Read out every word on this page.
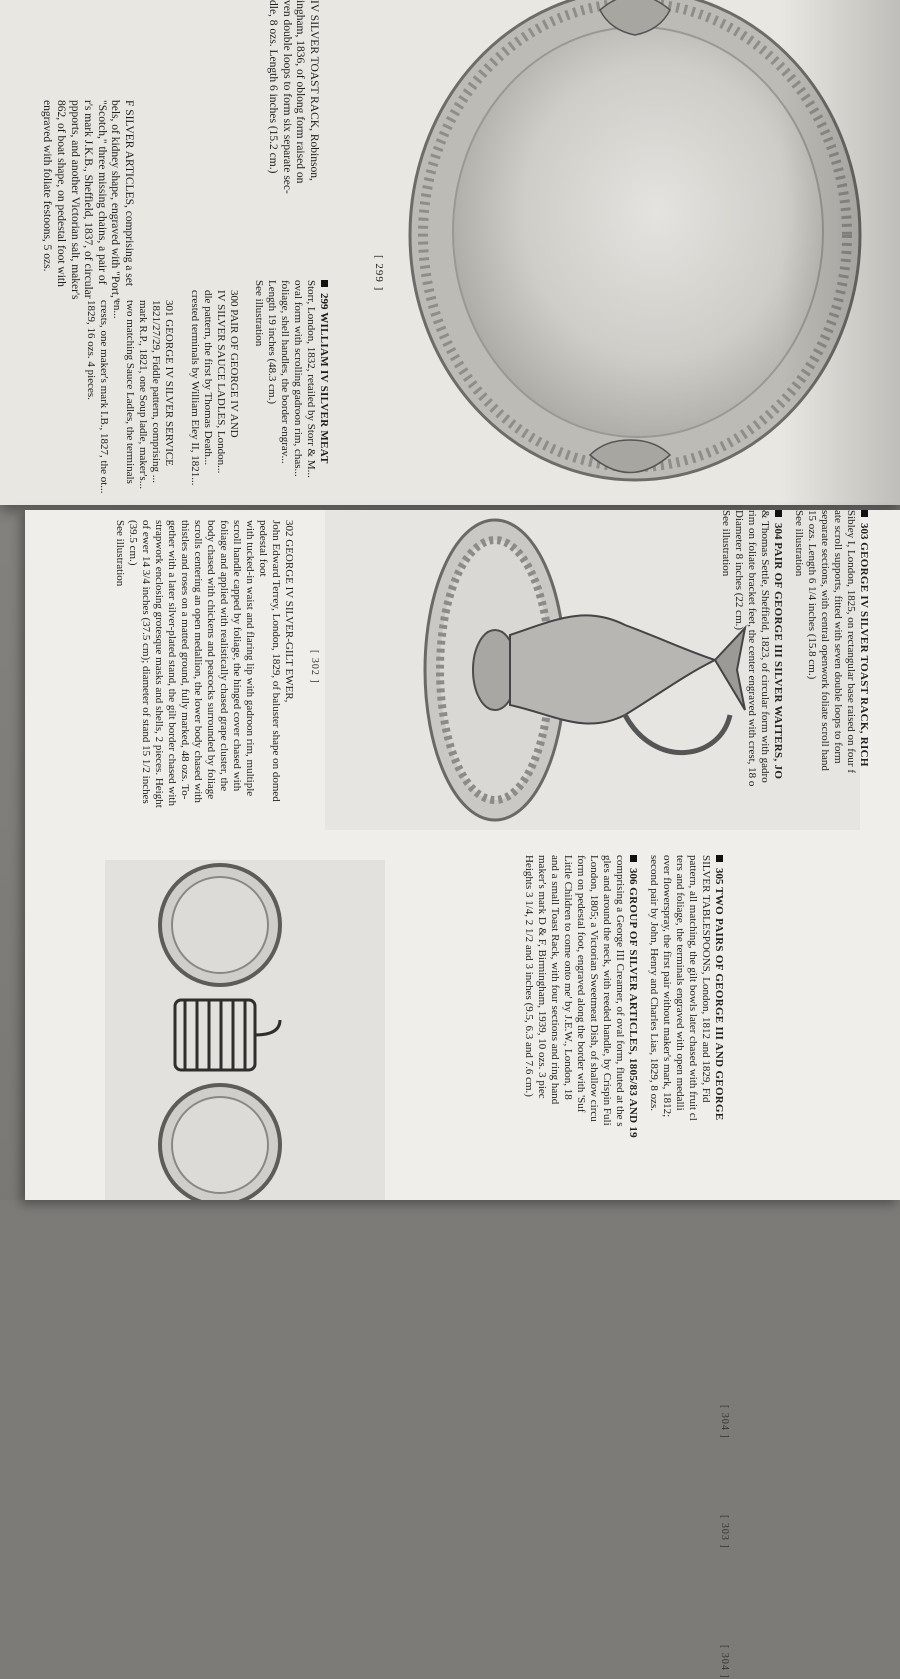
F SILVER ARTICLES, comprising a set
bels, of kidney shape, engraved with "Port,"
"Scotch," three missing chains, a pair of
r's mark J.K.B., Sheffield, 1837, of circular
ppports, and another Victorian salt, maker's
862, of boat shape, on pedestal foot with
engraved with foliate festoons, 5 ozs.
IV SILVER TOAST RACK, Robinson,
ingham, 1836, of oblong form raised on
ven double loops to form six separate sec-
dle, 8 ozs. Length 6 inches (15.2 cm.)
[ 299 ]
299 WILLIAM IV SILVER MEAT
Storr, London, 1832, retailed by Storr & M...
oval form with scrolling gadroon rim, chas...
foliage, shell handles, the border engrav...
Length 19 inches (48.3 cm.)
See illustration
300 PAIR OF GEORGE IV AND
IV SILVER SAUCE LADLES, London...
dle pattern, the first by Thomas Death...
crested terminals by William Eley II, 1821...
301 GEORGE IV SILVER SERVICE
1821/27/29, Fiddle pattern, comprising ...
mark R.P., 1821, one Soup ladle, maker's...
two matching Sauce Ladles, the terminals en...
crests, one maker's mark I.B., 1827, the ot...
1829, 16 ozs. 4 pieces.
[ 302 ]
302 GEORGE IV SILVER-GILT EWER,
John Edward Terrey, London, 1829, of baluster shape on domed pedestal foot
with tucked-in waist and flaring lip with gadroon rim, multiple
scroll handle capped by foliage, the hinged cover chased with
foliage and applied with realistically chased grape cluster, the
body chased with chickens and peacocks surrounded by foliage
scrolls centering an open medallion, the lower body chased with
thistles and roses on a matted ground, fully marked, 48 ozs. To-
gether with a later silver-plated stand, the gilt border chased with
strapwork enclosing grotesque masks and shells, 2 pieces. Height
of ewer 14 3/4 inches (37.5 cm); diameter of stand 15 1/2 inches
(39.5 cm.)
See illustration	303 GEORGE IV SILVER TOAST RACK, RICH
Sibley I, London, 1825, on rectangular base raised on four f
ate scroll supports, fitted with seven double loops to form
separate sections, with central openwork foliate scroll hand
15 ozs. Length 6 1/4 inches (15.8 cm.)
See illustration
304 PAIR OF GEORGE III SILVER WAITERS, JO
& Thomas Settle, Sheffield, 1823, of circular form with gadro
rim on foliate bracket feet, the center engraved with crest, 18 o
Diameter 8 inches (22 cm.)
See illustration
305 TWO PAIRS OF GEORGE III AND GEORGE
SILVER TABLESPOONS, London, 1812 and 1829, Fid
pattern, all matching, the gilt bowls later chased with fruit cl
ters and foliage, the terminals engraved with open medalli
over flowerspray, the first pair without maker's mark, 1812;
second pair by John, Henry and Charles Lias, 1829, 8 ozs.
306 GROUP OF SILVER ARTICLES, 1805/83 AND 19
comprising a George III Creamer, of oval form, fluted at the s
gles and around the neck, with reeded handle, by Crispin Fuli
London, 1805; a Victorian Sweetmeat Dish, of shallow circu
form on pedestal foot, engraved along the border with 'Suf
Little Children to come onto me' by J.E.W., London, 18
and a small Toast Rack, with four sections and ring hand
maker's mark D & F, Birmingham, 1939, 10 ozs. 3 piec
Heights 3 1/4, 2 1/2 and 3 inches (9.5, 6.3 and 7.6 cm.)
[ 304 ]
[ 303 ]
[ 304 ]
